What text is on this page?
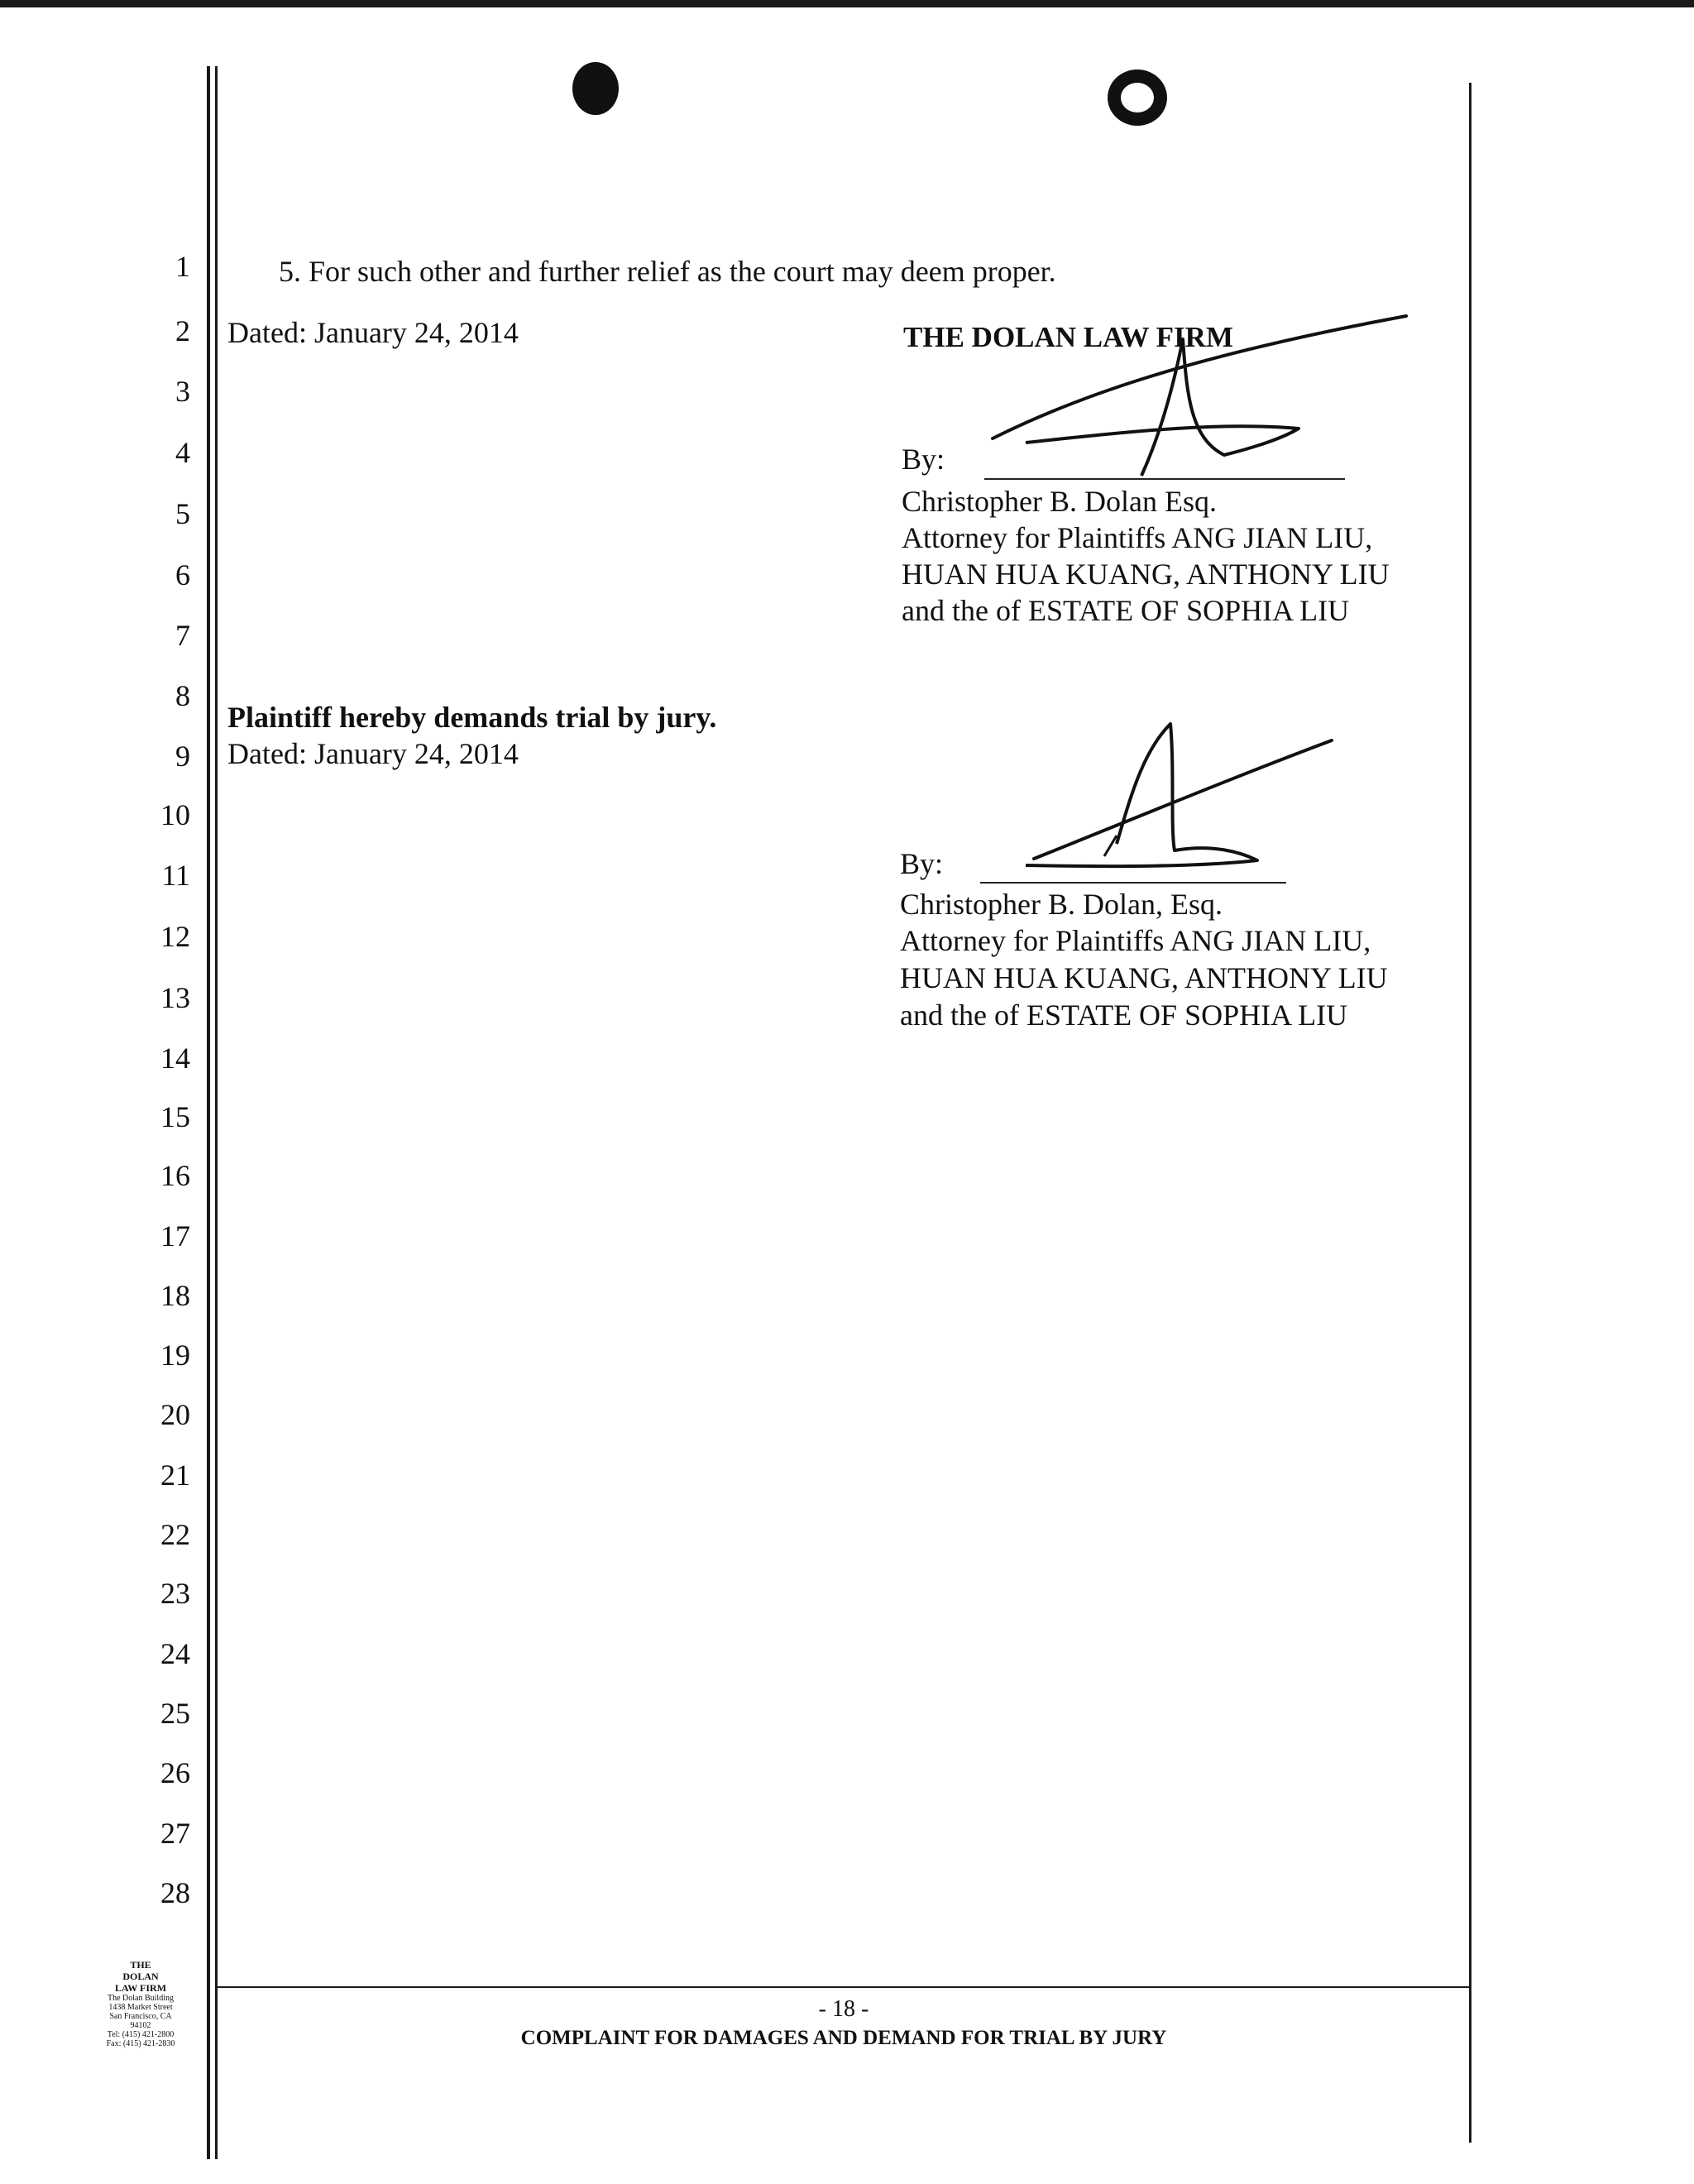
1
2
3
4
5
6
7
8
9
10
11
12
13
14
15
16
17
18
19
20
21
22
23
24
25
26
27
28
5. For such other and further relief as the court may deem proper.
Dated: January 24, 2014	THE DOLAN LAW FIRM
By:
Christopher B. Dolan Esq.
Attorney for Plaintiffs ANG JIAN LIU,
HUAN HUA KUANG, ANTHONY LIU
and the of ESTATE OF SOPHIA LIU
Plaintiff hereby demands trial by jury.
Dated: January 24, 2014
By:
Christopher B. Dolan, Esq.
Attorney for Plaintiffs ANG JIAN LIU,
HUAN HUA KUANG, ANTHONY LIU
and the of ESTATE OF SOPHIA LIU
- 18 -
COMPLAINT FOR DAMAGES AND DEMAND FOR TRIAL BY JURY
THE
DOLAN
LAW FIRM
The Dolan Building
1438 Market Street
San Francisco, CA
94102
Tel: (415) 421-2800
Fax: (415) 421-2830
